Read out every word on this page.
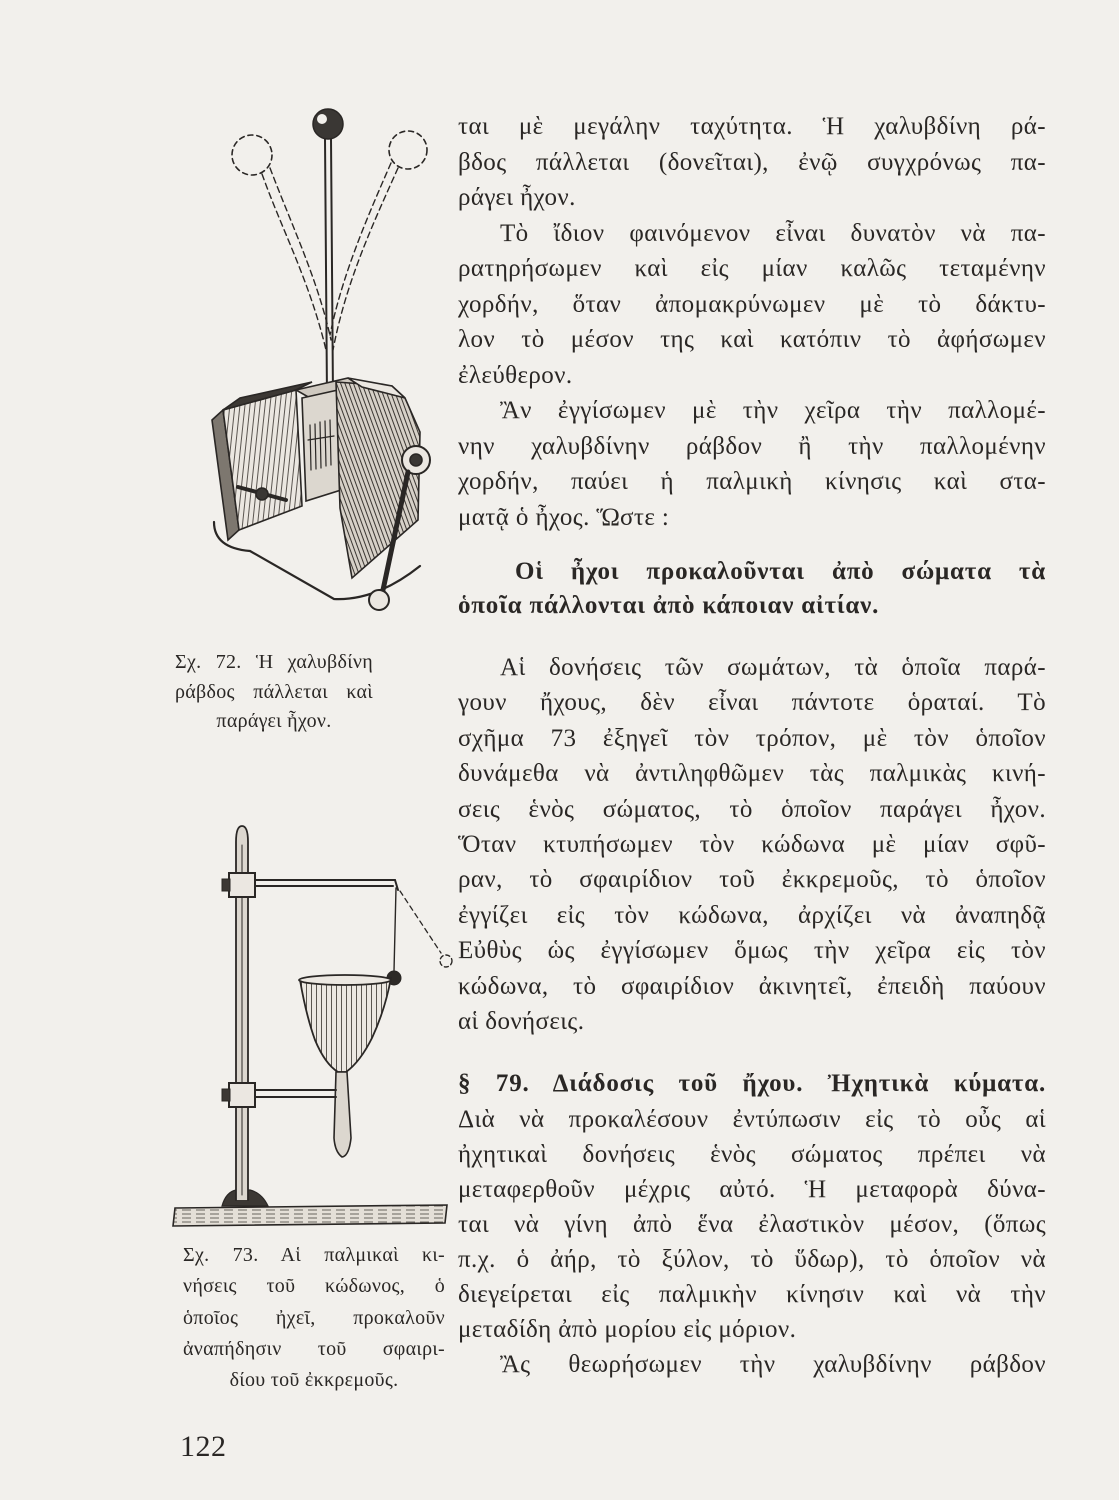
Σχ. 72. Ἡ χαλυβδίνη
ράβδος πάλλεται καὶ
παράγει ἦχον.
Σχ. 73. Αἱ παλμικαὶ κι-
νήσεις τοῦ κώδωνος, ὁ
ὁποῖος ἠχεῖ, προκαλοῦν
ἀναπήδησιν τοῦ σφαιρι-
δίου τοῦ ἐκκρεμοῦς.
ται μὲ μεγάλην ταχύτητα. Ἡ χαλυβδίνη ρά-
βδος πάλλεται (δονεῖται), ἐνῷ συγχρόνως πα-
ράγει ἦχον.
Τὸ ἴδιον φαινόμενον εἶναι δυνατὸν νὰ πα-
ρατηρήσωμεν καὶ εἰς μίαν καλῶς τεταμένην
χορδήν, ὅταν ἀπομακρύνωμεν μὲ τὸ δάκτυ-
λον τὸ μέσον της καὶ κατόπιν τὸ ἀφήσωμεν
ἐλεύθερον.
Ἂν ἐγγίσωμεν μὲ τὴν χεῖρα τὴν παλλομέ-
νην χαλυβδίνην ράβδον ἢ τὴν παλλομένην
χορδήν, παύει ἡ παλμικὴ κίνησις καὶ στα-
ματᾷ ὁ ἦχος. Ὥστε :
Οἱ ἦχοι προκαλοῦνται ἀπὸ σώματα τὰ
ὁποῖα πάλλονται ἀπὸ κάποιαν αἰτίαν.
Αἱ δονήσεις τῶν σωμάτων, τὰ ὁποῖα παρά-
γουν ἤχους, δὲν εἶναι πάντοτε ὁραταί. Τὸ
σχῆμα 73 ἐξηγεῖ τὸν τρόπον, μὲ τὸν ὁποῖον
δυνάμεθα νὰ ἀντιληφθῶμεν τὰς παλμικὰς κινή-
σεις ἑνὸς σώματος, τὸ ὁποῖον παράγει ἦχον.
Ὅταν κτυπήσωμεν τὸν κώδωνα μὲ μίαν σφῦ-
ραν, τὸ σφαιρίδιον τοῦ ἐκκρεμοῦς, τὸ ὁποῖον
ἐγγίζει εἰς τὸν κώδωνα, ἀρχίζει νὰ ἀναπηδᾷ
Εὐθὺς ὡς ἐγγίσωμεν ὅμως τὴν χεῖρα εἰς τὸν
κώδωνα, τὸ σφαιρίδιον ἀκινητεῖ, ἐπειδὴ παύουν
αἱ δονήσεις.
§ 79. Διάδοσις τοῦ ἤχου. Ἠχητικὰ κύματα.
Διὰ νὰ προκαλέσουν ἐντύπωσιν εἰς τὸ οὖς αἱ
ἠχητικαὶ δονήσεις ἑνὸς σώματος πρέπει νὰ
μεταφερθοῦν μέχρις αὐτό. Ἡ μεταφορὰ δύνα-
ται νὰ γίνη ἀπὸ ἕνα ἐλαστικὸν μέσον, (ὅπως
π.χ. ὁ ἀήρ, τὸ ξύλον, τὸ ὕδωρ), τὸ ὁποῖον νὰ
διεγείρεται εἰς παλμικὴν κίνησιν καὶ νὰ τὴν
μεταδίδη ἀπὸ μορίου εἰς μόριον.
Ἂς θεωρήσωμεν τὴν χαλυβδίνην ράβδον
122
